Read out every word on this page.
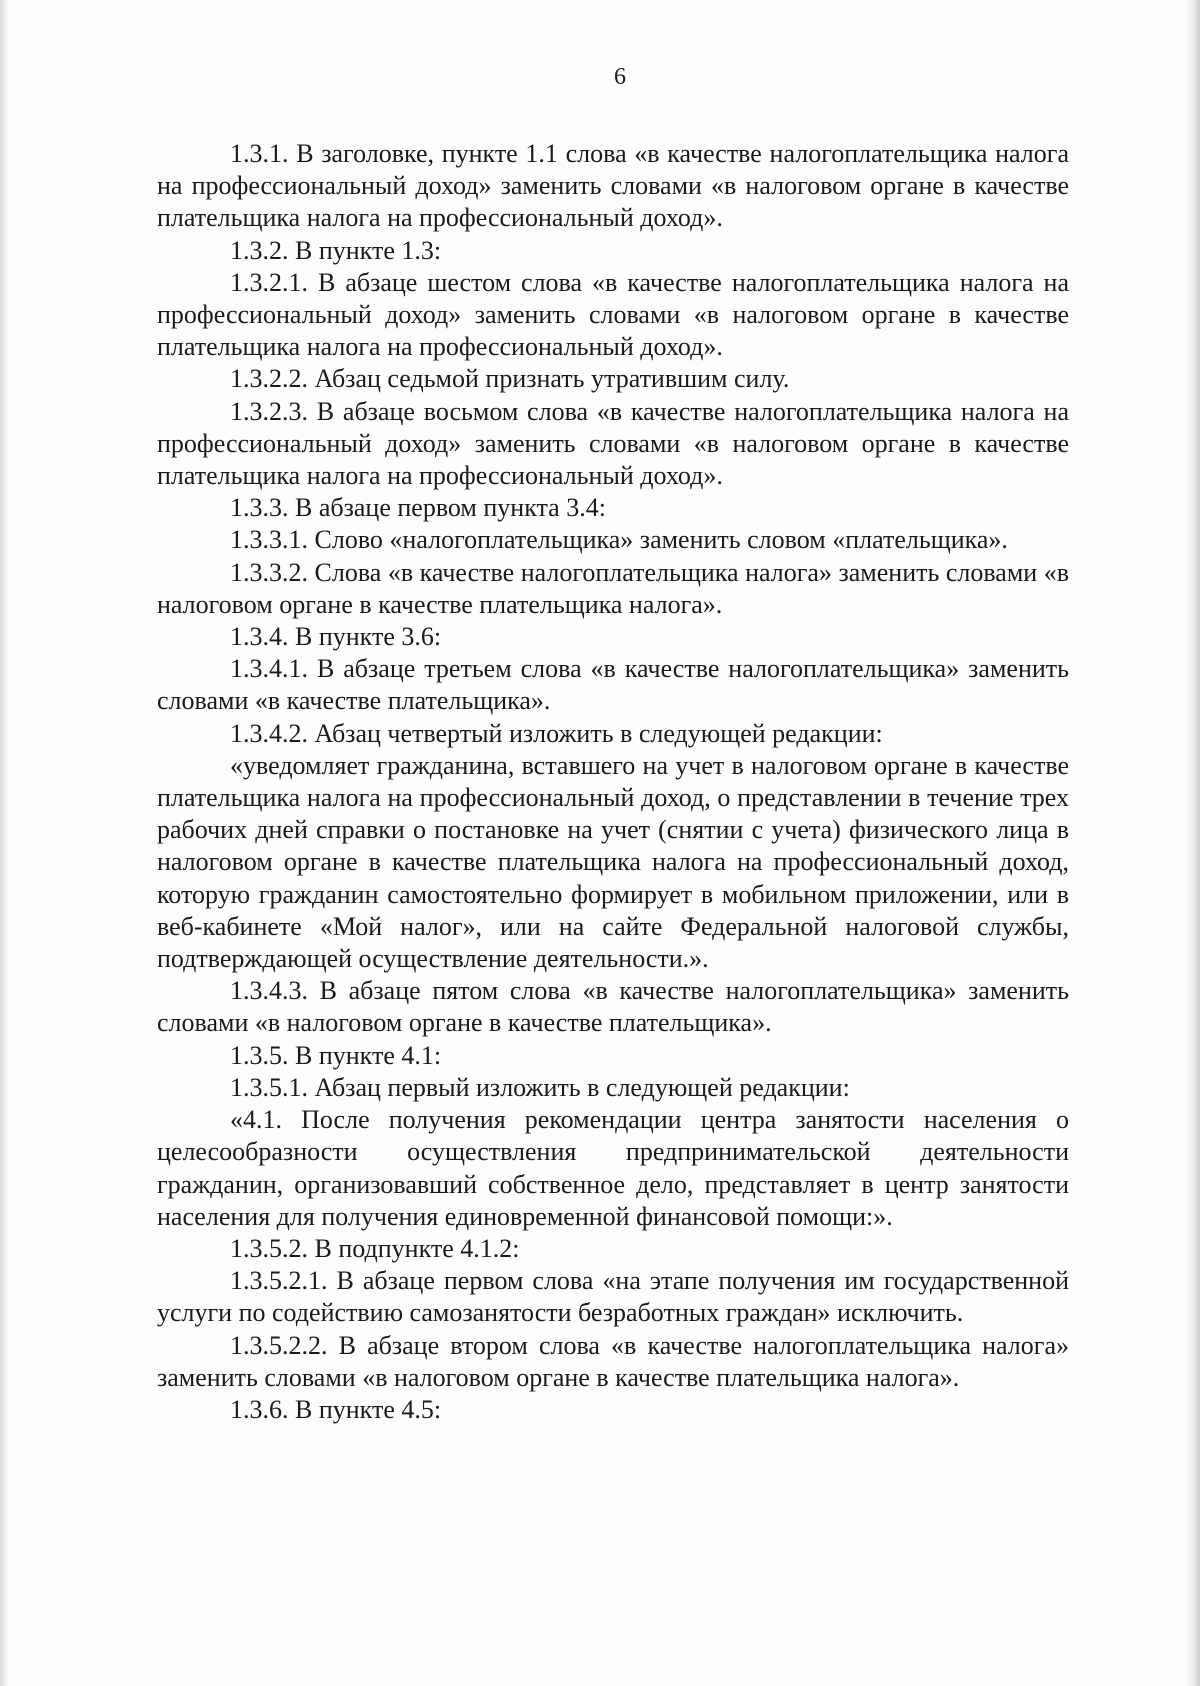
6

1.3.1. В заголовке, пункте 1.1 слова «в качестве налогоплательщика налога на профессиональный доход» заменить словами «в налоговом органе в качестве плательщика налога на профессиональный доход».

1.3.2. В пункте 1.3:

1.3.2.1. В абзаце шестом слова «в качестве налогоплательщика налога на профессиональный доход» заменить словами «в налоговом органе в качестве плательщика налога на профессиональный доход».

1.3.2.2. Абзац седьмой признать утратившим силу.

1.3.2.3. В абзаце восьмом слова «в качестве налогоплательщика налога на профессиональный доход» заменить словами «в налоговом органе в качестве плательщика налога на профессиональный доход».

1.3.3. В абзаце первом пункта 3.4:

1.3.3.1. Слово «налогоплательщика» заменить словом «плательщика».

1.3.3.2. Слова «в качестве налогоплательщика налога» заменить словами «в налоговом органе в качестве плательщика налога».

1.3.4. В пункте 3.6:

1.3.4.1. В абзаце третьем слова «в качестве налогоплательщика» заменить словами «в качестве плательщика».

1.3.4.2. Абзац четвертый изложить в следующей редакции:

«уведомляет гражданина, вставшего на учет в налоговом органе в качестве плательщика налога на профессиональный доход, о представлении в течение трех рабочих дней справки о постановке на учет (снятии с учета) физического лица в налоговом органе в качестве плательщика налога на профессиональный доход, которую гражданин самостоятельно формирует в мобильном приложении, или в веб-кабинете «Мой налог», или на сайте Федеральной налоговой службы, подтверждающей осуществление деятельности.».

1.3.4.3. В абзаце пятом слова «в качестве налогоплательщика» заменить словами «в налоговом органе в качестве плательщика».

1.3.5. В пункте 4.1:

1.3.5.1. Абзац первый изложить в следующей редакции:

«4.1. После получения рекомендации центра занятости населения о целесообразности осуществления предпринимательской деятельности гражданин, организовавший собственное дело, представляет в центр занятости населения для получения единовременной финансовой помощи:».

1.3.5.2. В подпункте 4.1.2:

1.3.5.2.1. В абзаце первом слова «на этапе получения им государственной услуги по содействию самозанятости безработных граждан» исключить.

1.3.5.2.2. В абзаце втором слова «в качестве налогоплательщика налога» заменить словами «в налоговом органе в качестве плательщика налога».

1.3.6. В пункте 4.5:
